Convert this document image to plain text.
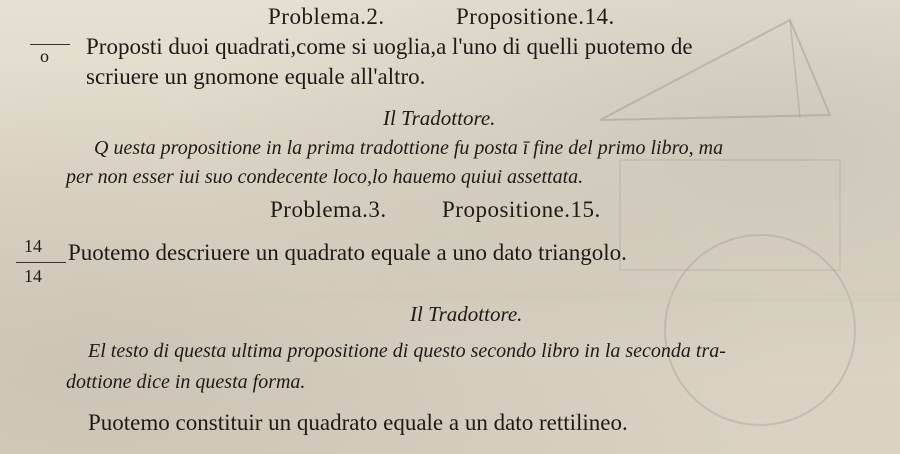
Problema.2.	Propositione.14.
o Proposti duoi quadrati,come si uoglia,a l'uno di quelli puotemo de
scriuere un gnomone equale all'altro.
Il Tradottore.
Q uesta propositione in la prima tradottione fu posta ī fine del primo libro, ma
per non esser iui suo condecente loco,lo hauemo quiui assettata.
Problema.3. Propositione.15.
14
14
Puotemo descriuere un quadrato equale a uno dato triangolo.
Il Tradottore.
El testo di questa ultima propositione di questo secondo libro in la seconda tra-
dottione dice in questa forma.
Puotemo constituir un quadrato equale a un dato rettilineo.
